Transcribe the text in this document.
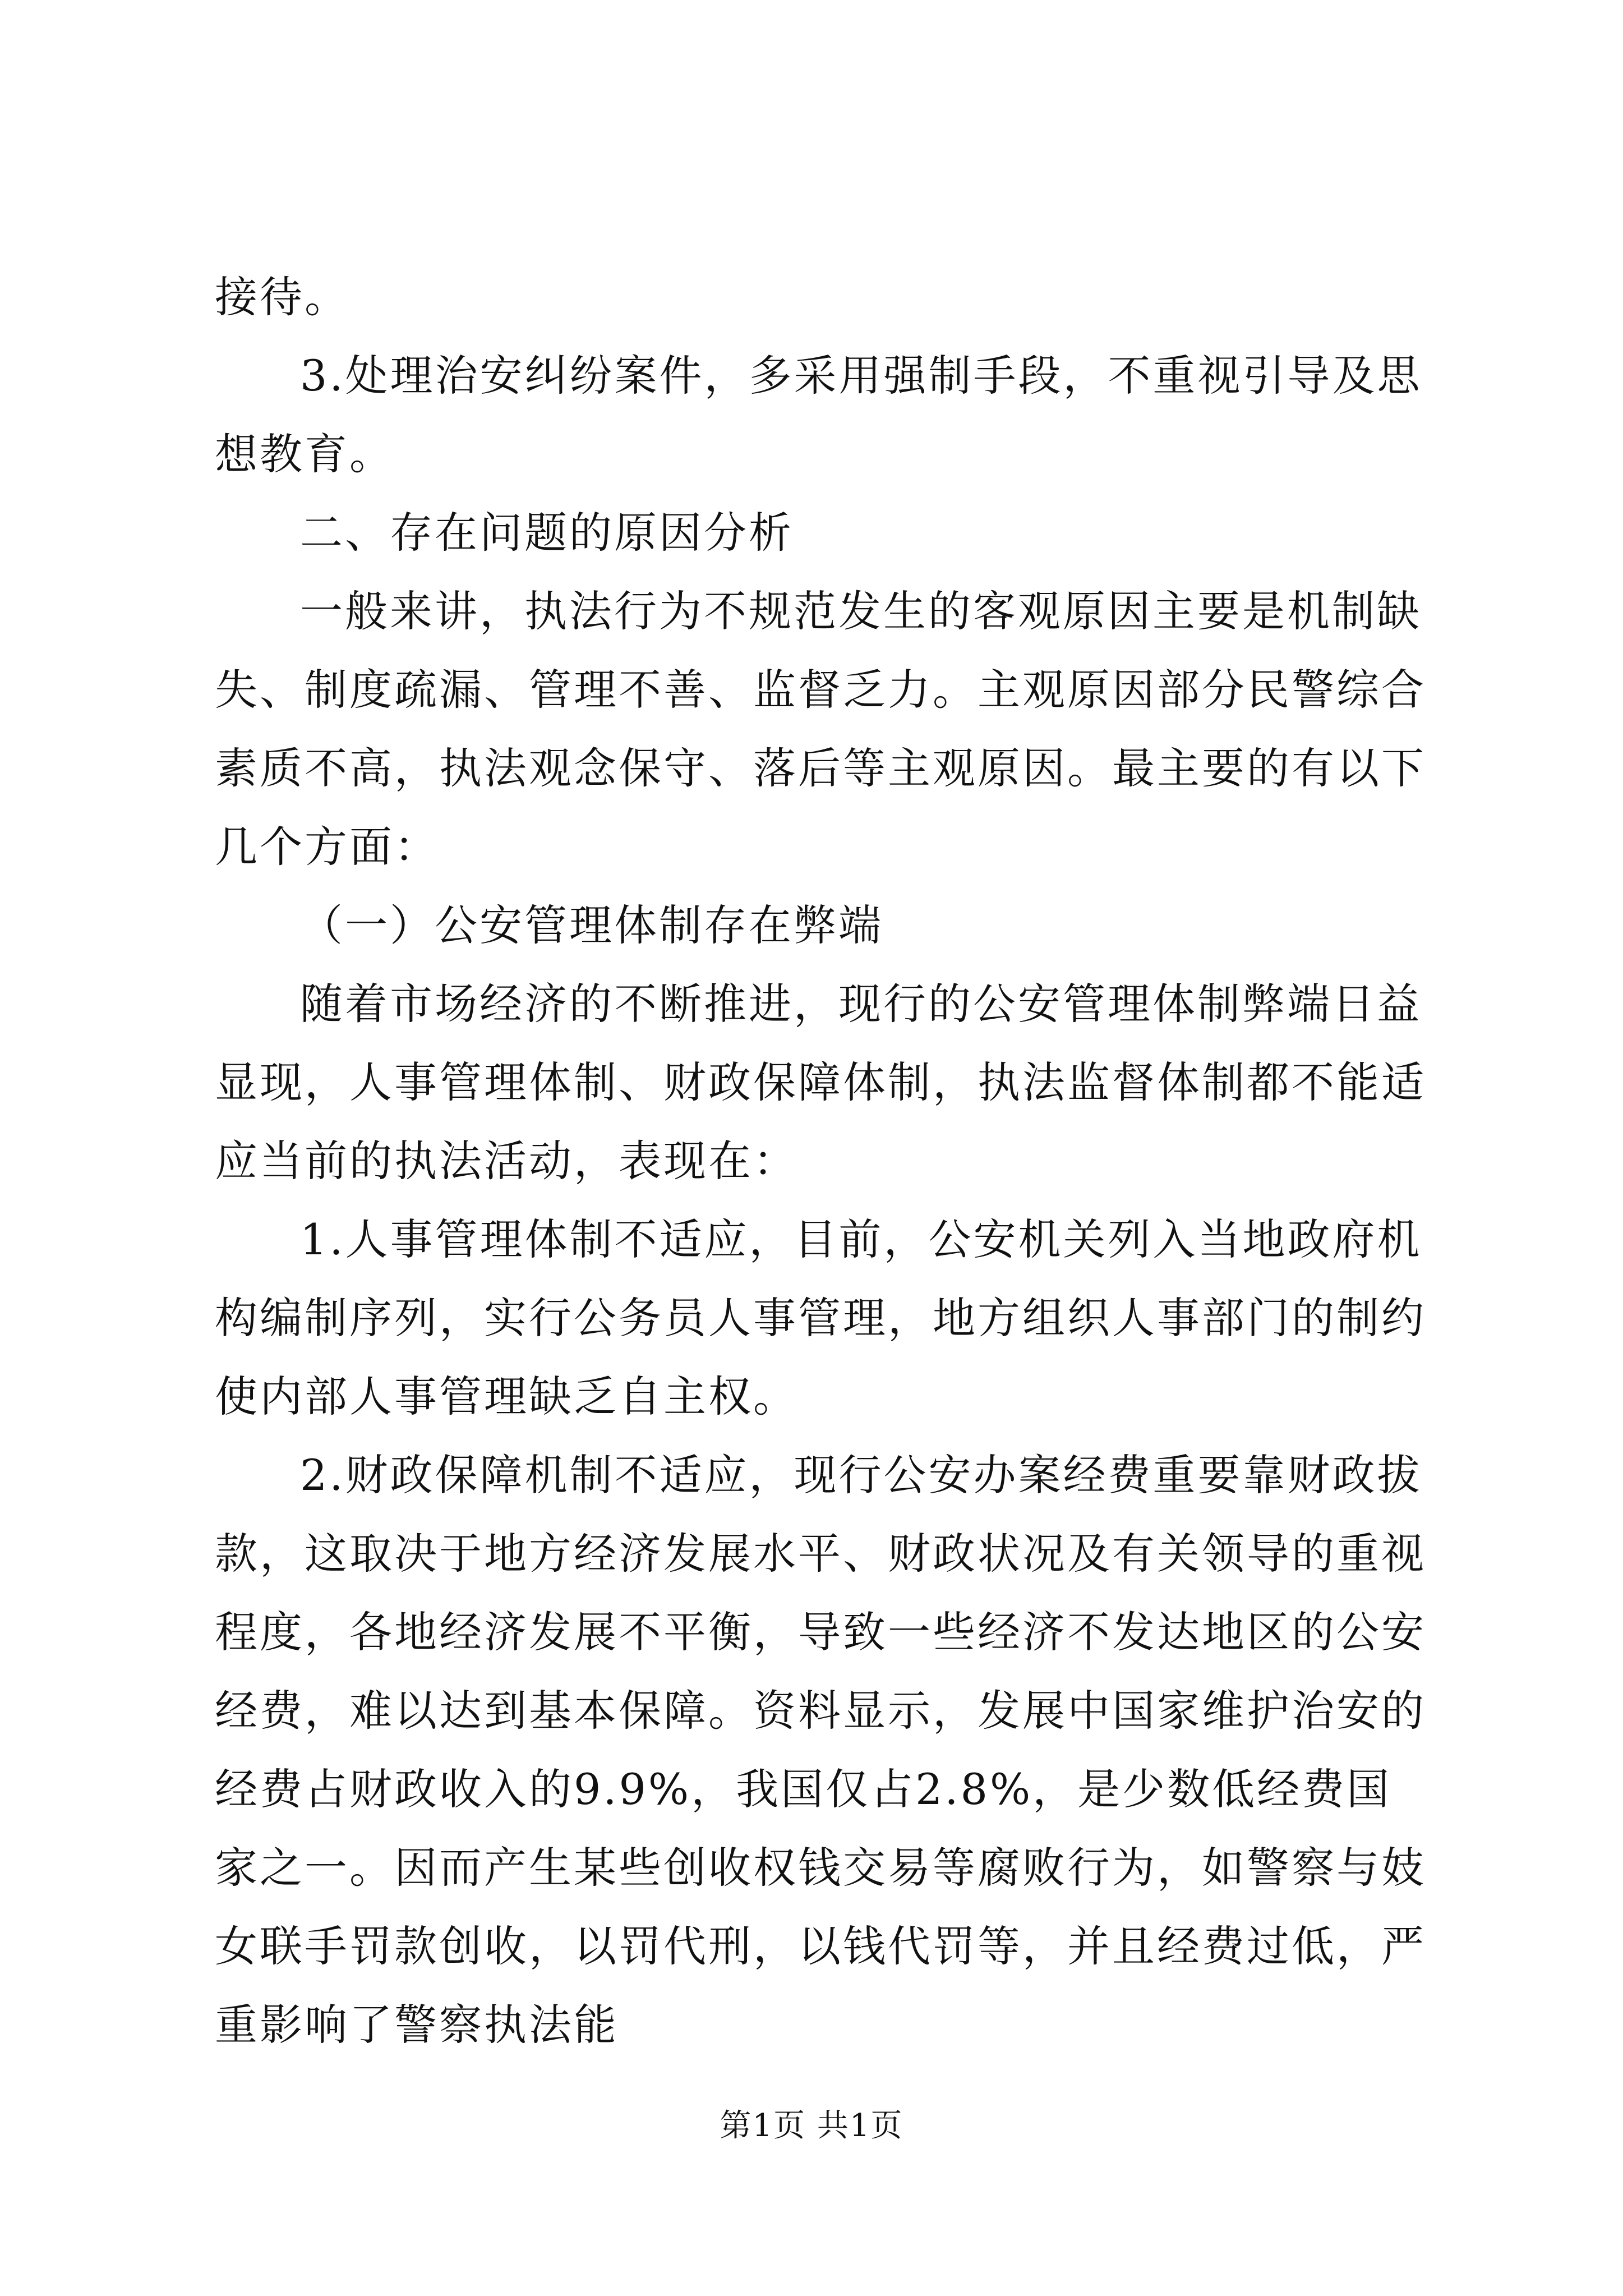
接待。

3.处理治安纠纷案件，多采用强制手段，不重视引导及思想教育。

二、存在问题的原因分析

一般来讲，执法行为不规范发生的客观原因主要是机制缺失、制度疏漏、管理不善、监督乏力。主观原因部分民警综合素质不高，执法观念保守、落后等主观原因。最主要的有以下几个方面：

（一）公安管理体制存在弊端

随着市场经济的不断推进，现行的公安管理体制弊端日益显现，人事管理体制、财政保障体制，执法监督体制都不能适应当前的执法活动，表现在：

1.人事管理体制不适应，目前，公安机关列入当地政府机构编制序列，实行公务员人事管理，地方组织人事部门的制约使内部人事管理缺乏自主权。

2.财政保障机制不适应，现行公安办案经费重要靠财政拔款，这取决于地方经济发展水平、财政状况及有关领导的重视程度，各地经济发展不平衡，导致一些经济不发达地区的公安经费，难以达到基本保障。资料显示，发展中国家维护治安的经费占财政收入的9.9%，我国仅占2.8%，是少数低经费国家之一。因而产生某些创收权钱交易等腐败行为，如警察与妓女联手罚款创收，以罚代刑，以钱代罚等，并且经费过低，严重影响了警察执法能

第1页 共1页
